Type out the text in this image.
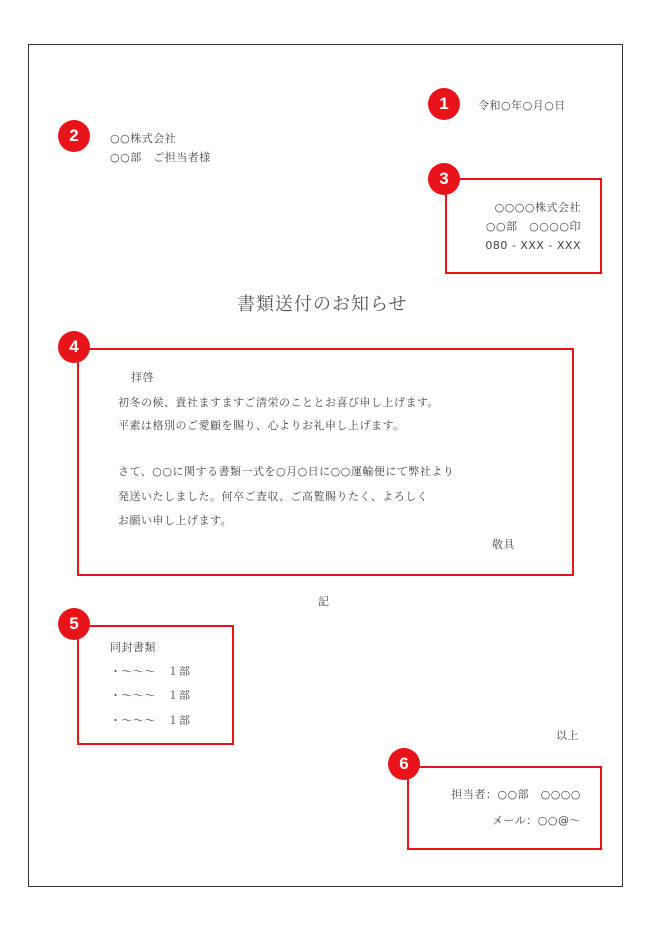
1	令和○年○月○日
2	○○株式会社
○○部　ご担当者様
3
○○○○株式会社
○○部　○○○○印
080 - XXX - XXX
書類送付のお知らせ
4
拝啓
初冬の候、貴社ますますご清栄のこととお喜び申し上げます。
平素は格別のご愛顧を賜り、心よりお礼申し上げます。
さて、○○に関する書類一式を○月○日に○○運輸便にて弊社より
発送いたしました。何卒ご査収、ご高覧賜りたく、よろしく
お願い申し上げます。
敬具
記
5
同封書類
・～～～　１部
・～～～　１部
・～～～　１部
以上
6
担当者：○○部　○○○○
メール：○○@～
